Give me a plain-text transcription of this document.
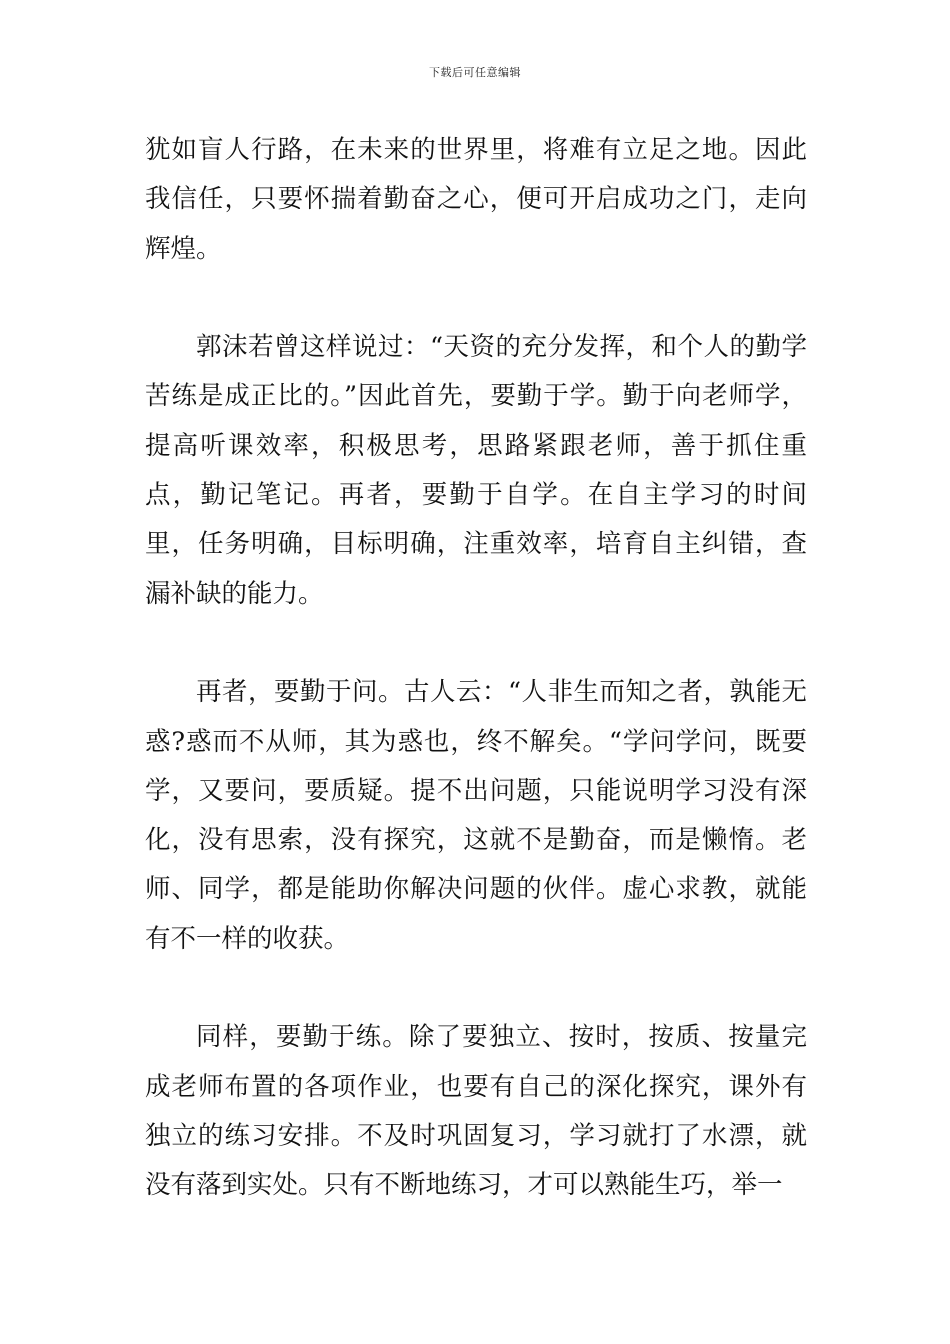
下载后可任意编辑

犹如盲人行路，在未来的世界里，将难有立足之地。因此我信任，只要怀揣着勤奋之心，便可开启成功之门，走向辉煌。

郭沫若曾这样说过：“天资的充分发挥，和个人的勤学苦练是成正比的。”因此首先，要勤于学。勤于向老师学，提高听课效率，积极思考，思路紧跟老师，善于抓住重点，勤记笔记。再者，要勤于自学。在自主学习的时间里，任务明确，目标明确，注重效率，培育自主纠错，查漏补缺的能力。

再者，要勤于问。古人云：“人非生而知之者，孰能无惑?惑而不从师，其为惑也，终不解矣。“学问学问，既要学，又要问，要质疑。提不出问题，只能说明学习没有深化，没有思索，没有探究，这就不是勤奋，而是懒惰。老师、同学，都是能助你解决问题的伙伴。虚心求教，就能有不一样的收获。

同样，要勤于练。除了要独立、按时，按质、按量完成老师布置的各项作业，也要有自己的深化探究，课外有独立的练习安排。不及时巩固复习，学习就打了水漂，就没有落到实处。只有不断地练习，才可以熟能生巧，举一
